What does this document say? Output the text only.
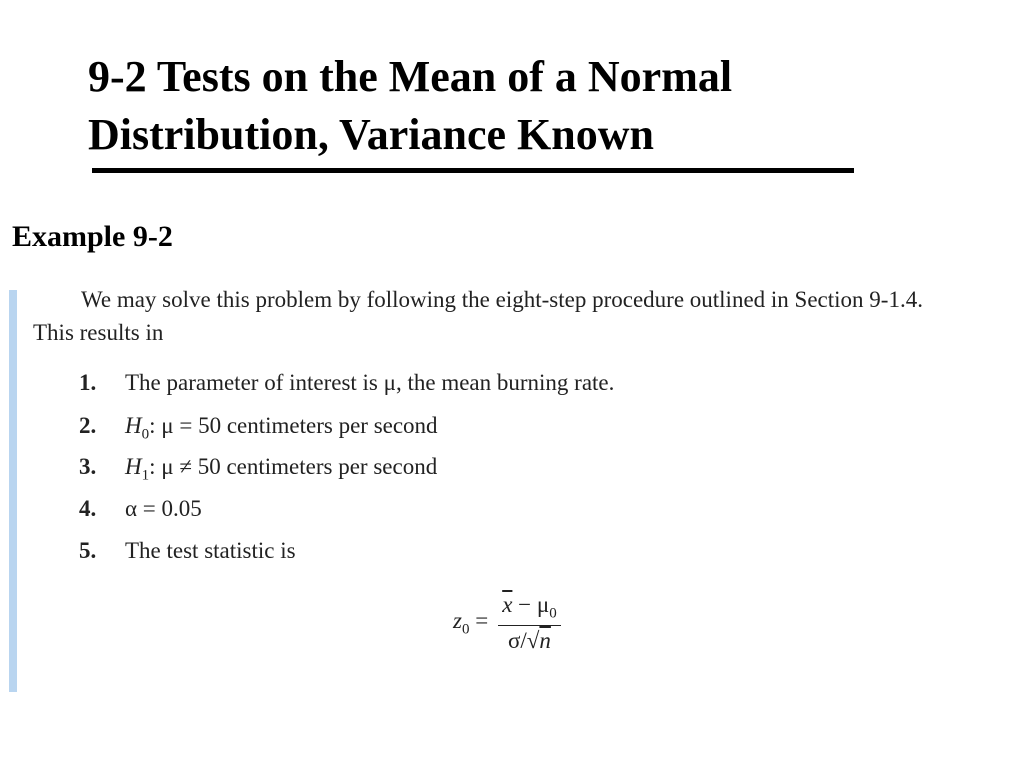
9-2 Tests on the Mean of a Normal
Distribution, Variance Known
Example 9-2
We may solve this problem by following the eight-step procedure outlined in Section 9-1.4.
This results in
1. The parameter of interest is μ, the mean burning rate.
2. $H_0$: μ = 50 centimeters per second
3. $H_1$: μ ≠ 50 centimeters per second
4. α = 0.05
5. The test statistic is
$z_0 = \frac{\overline{x} - \mu_0}{\sigma/√n}$
